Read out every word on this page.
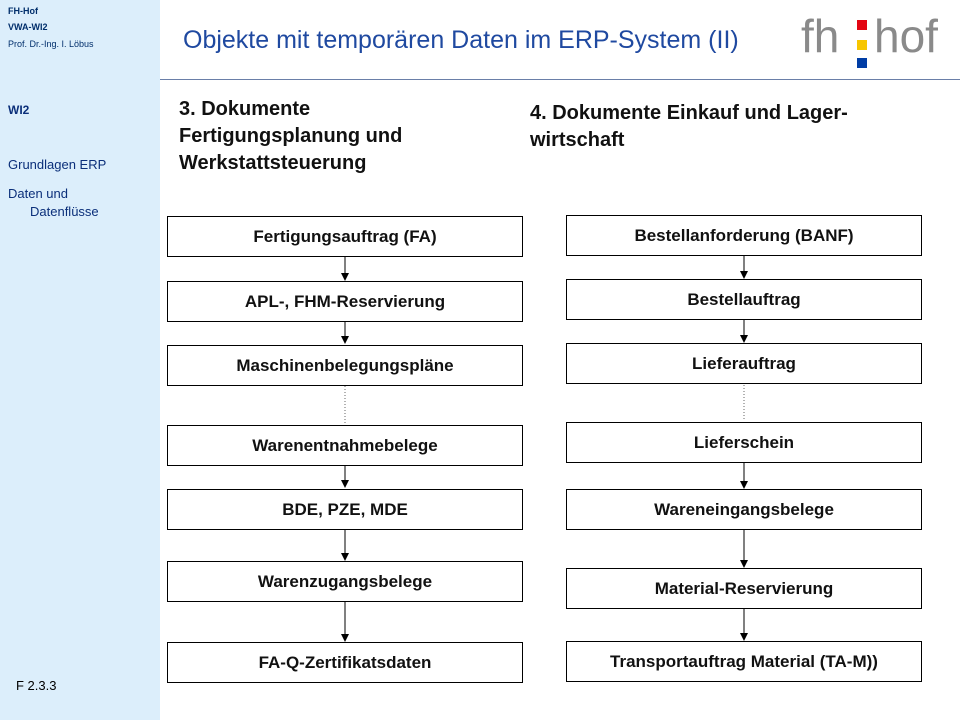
FH-Hof
VWA-WI2
Prof. Dr.-Ing. I. Löbus
WI2
Grundlagen ERP
Daten und
Datenflüsse
F 2.3.3
Objekte mit temporären Daten im ERP-System (II) fh hof
3. Dokumente
Fertigungsplanung und
Werkstattsteuerung
4. Dokumente Einkauf und Lager-
wirtschaft
Fertigungsauftrag (FA)
APL-, FHM-Reservierung
Maschinenbelegungspläne
Warenentnahmebelege
BDE, PZE, MDE
Warenzugangsbelege
FA-Q-Zertifikatsdaten
Bestellanforderung (BANF)
Bestellauftrag
Lieferauftrag
Lieferschein
Wareneingangsbelege
Material-Reservierung
Transportauftrag Material (TA-M))
